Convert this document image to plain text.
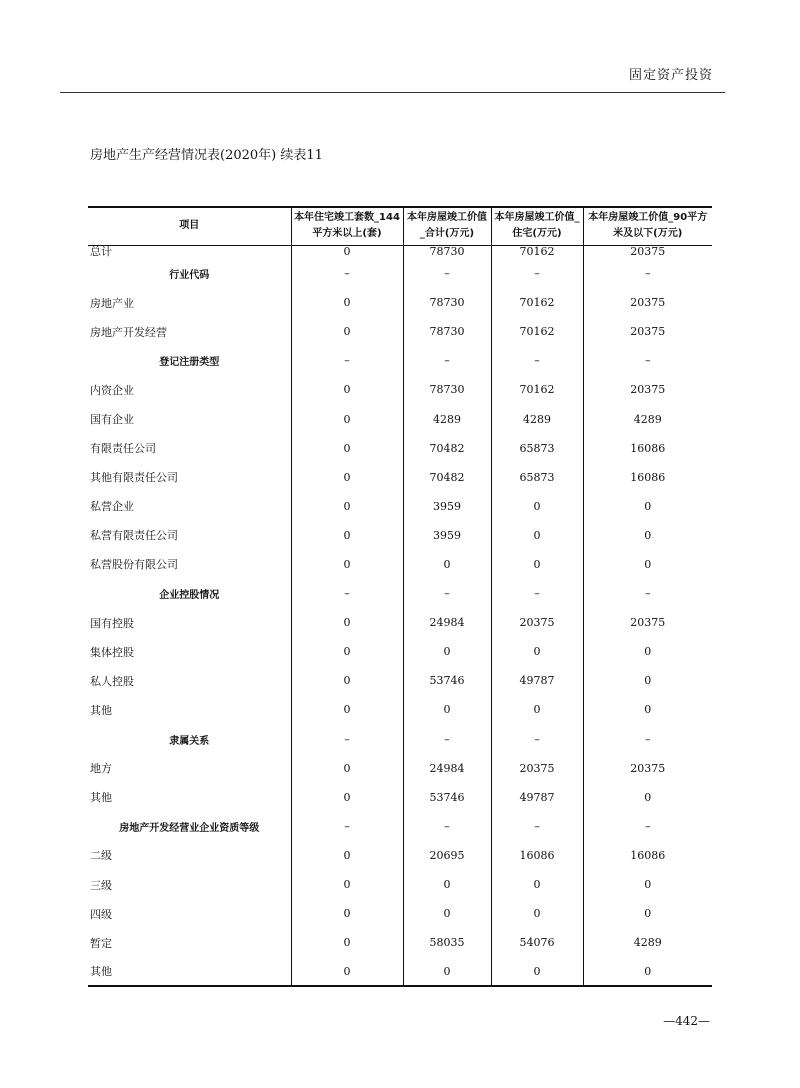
固定资产投资
房地产生产经营情况表(2020年) 续表11
项目	本年住宅竣工套数_144平方米以上(套)	本年房屋竣工价值_合计(万元)	本年房屋竣工价值_住宅(万元)	本年房屋竣工价值_90平方米及以下(万元)
总计	0	78730	70162	20375
行业代码	–	–	–	–
房地产业	0	78730	70162	20375
房地产开发经营	0	78730	70162	20375
登记注册类型	–	–	–	–
内资企业	0	78730	70162	20375
国有企业	0	4289	4289	4289
有限责任公司	0	70482	65873	16086
其他有限责任公司	0	70482	65873	16086
私营企业	0	3959	0	0
私营有限责任公司	0	3959	0	0
私营股份有限公司	0	0	0	0
企业控股情况	–	–	–	–
国有控股	0	24984	20375	20375
集体控股	0	0	0	0
私人控股	0	53746	49787	0
其他	0	0	0	0
隶属关系	–	–	–	–
地方	0	24984	20375	20375
其他	0	53746	49787	0
房地产开发经营业企业资质等级	–	–	–	–
二级	0	20695	16086	16086
三级	0	0	0	0
四级	0	0	0	0
暂定	0	58035	54076	4289
其他	0	0	0	0
—442—
